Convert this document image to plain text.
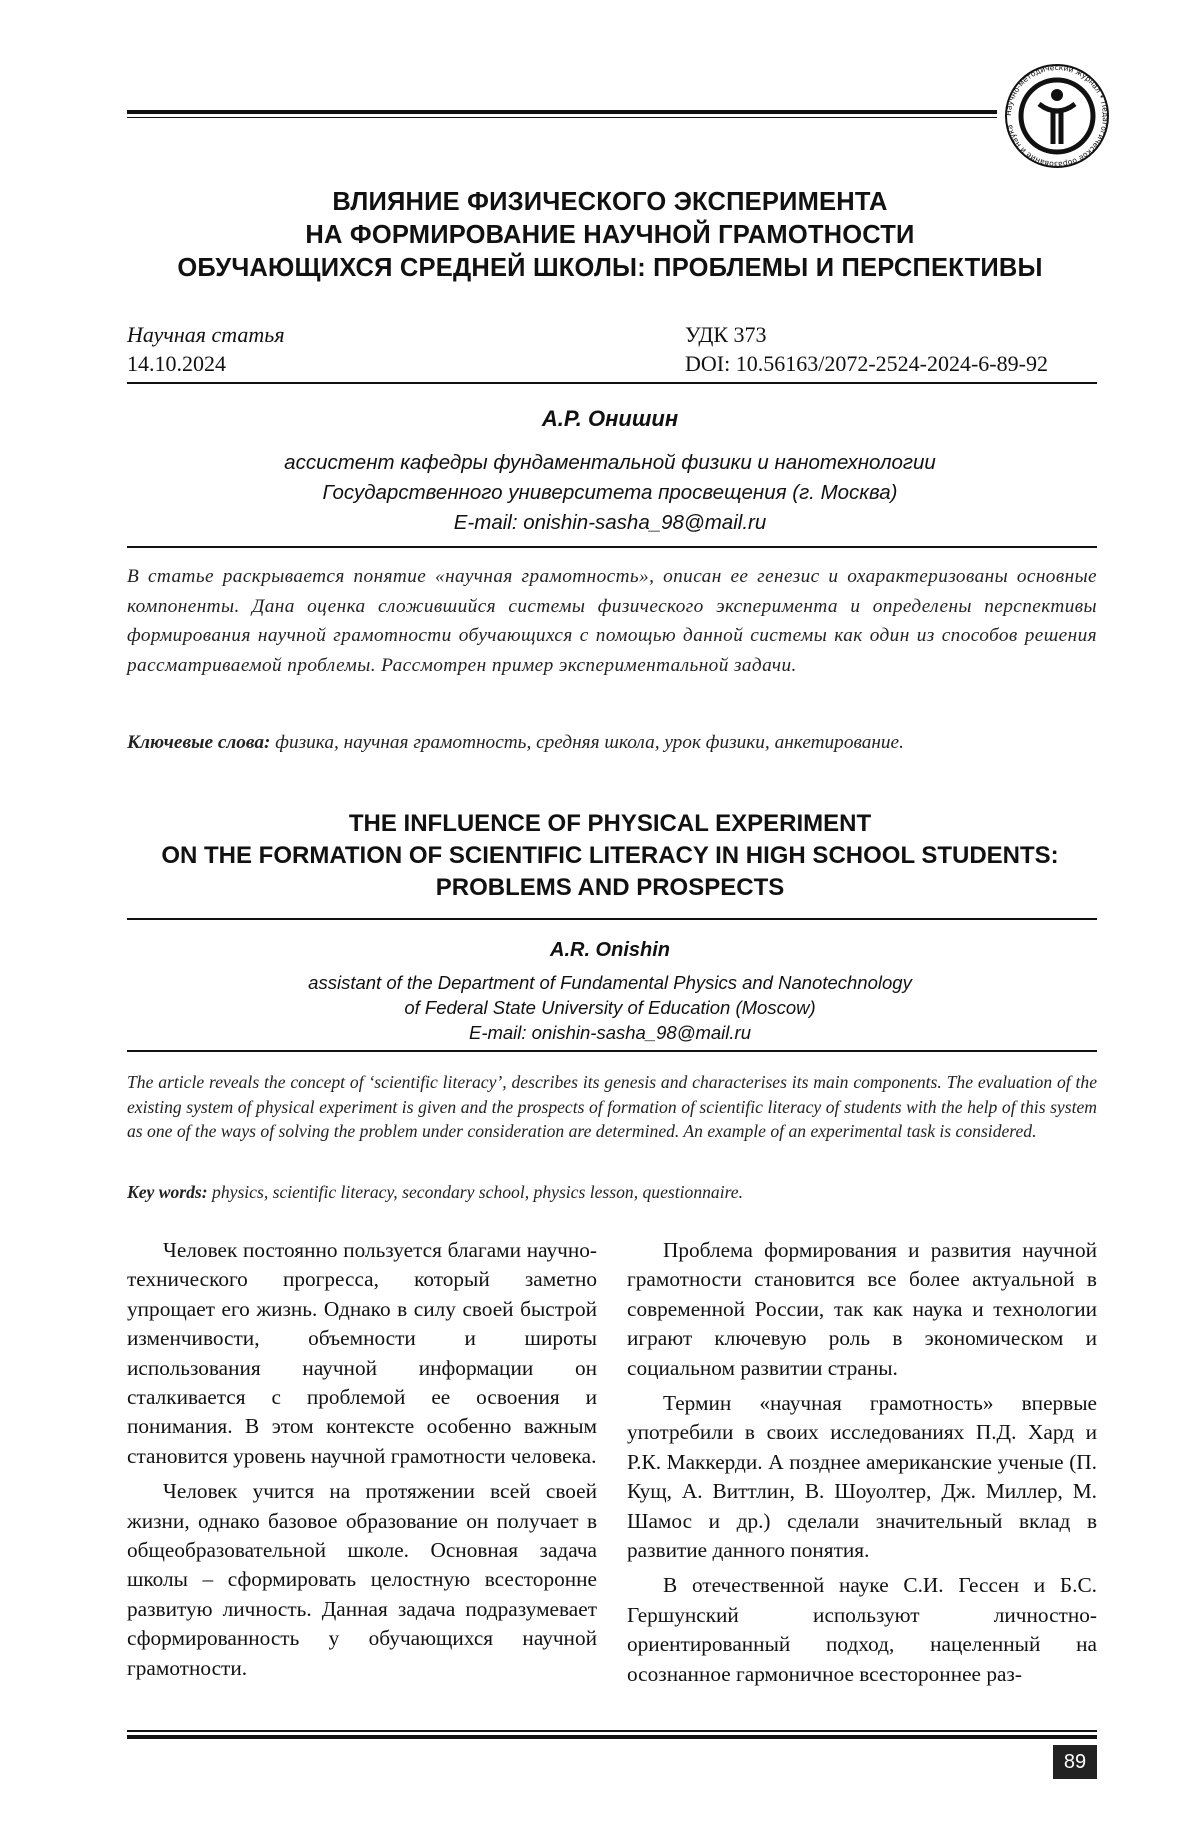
Научно-методический журнал • Педагогическое образование и наука
ВЛИЯНИЕ ФИЗИЧЕСКОГО ЭКСПЕРИМЕНТА
НА ФОРМИРОВАНИЕ НАУЧНОЙ ГРАМОТНОСТИ
ОБУЧАЮЩИХСЯ СРЕДНЕЙ ШКОЛЫ: ПРОБЛЕМЫ И ПЕРСПЕКТИВЫ
Научная статья
14.10.2024
УДК 373
DOI: 10.56163/2072-2524-2024-6-89-92
А.Р. Онишин
ассистент кафедры фундаментальной физики и нанотехнологии
Государственного университета просвещения (г. Москва)
E-mail: onishin-sasha_98@mail.ru
В статье раскрывается понятие «научная грамотность», описан ее генезис и охарактеризованы основные компоненты. Дана оценка сложившийся системы физического эксперимента и определены перспективы формирования научной грамотности обучающихся с помощью данной системы как один из способов решения рассматриваемой проблемы. Рассмотрен пример экспериментальной задачи.
Ключевые слова: физика, научная грамотность, средняя школа, урок физики, анкетирование.
THE INFLUENCE OF PHYSICAL EXPERIMENT
ON THE FORMATION OF SCIENTIFIC LITERACY IN HIGH SCHOOL STUDENTS:
PROBLEMS AND PROSPECTS
A.R. Onishin
assistant of the Department of Fundamental Physics and Nanotechnology
of Federal State University of Education (Moscow)
E-mail: onishin-sasha_98@mail.ru
The article reveals the concept of ‘scientific literacy’, describes its genesis and characterises its main components. The evaluation of the existing system of physical experiment is given and the prospects of formation of scientific literacy of students with the help of this system as one of the ways of solving the problem under consideration are determined. An example of an experimental task is considered.
Key words: physics, scientific literacy, secondary school, physics lesson, questionnaire.

Человек постоянно пользуется благами научно-технического прогресса, который заметно упрощает его жизнь. Однако в силу своей быстрой изменчивости, объемности и широты использования научной информации он сталкивается с проблемой ее освоения и понимания. В этом контексте особенно важным становится уровень научной грамотности человека.

Человек учится на протяжении всей своей жизни, однако базовое образование он получает в общеобразовательной школе. Основная задача школы – сформировать целостную всесторонне развитую личность. Данная задача подразумевает сформированность у обучающихся научной грамотности.

Проблема формирования и развития научной грамотности становится все более актуальной в современной России, так как наука и технологии играют ключевую роль в экономическом и социальном развитии страны.

Термин «научная грамотность» впервые употребили в своих исследованиях П.Д. Хард и Р.К. Маккерди. А позднее американские ученые (П. Кущ, А. Виттлин, В. Шоуолтер, Дж. Миллер, М. Шамос и др.) сделали значительный вклад в развитие данного понятия.

В отечественной науке С.И. Гессен и Б.С. Гершунский используют личностно-ориентированный подход, нацеленный на осознанное гармоничное всестороннее раз-

89
